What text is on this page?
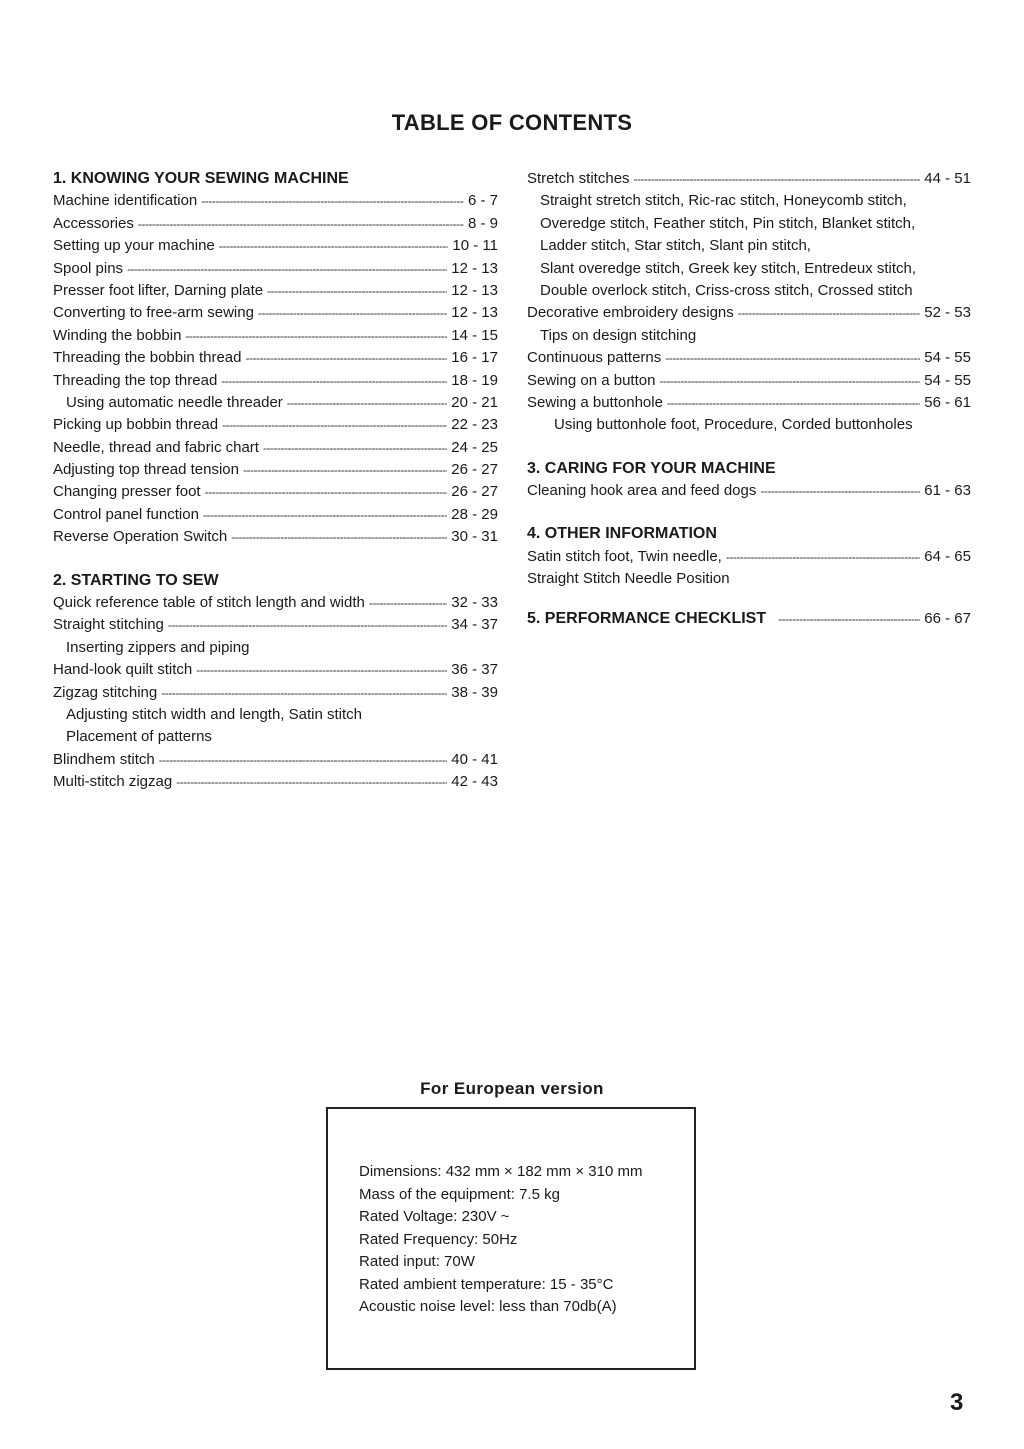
TABLE OF CONTENTS
1. KNOWING YOUR SEWING MACHINE
Machine identification -----	6 - 7
Accessories -----	8 - 9
Setting up your machine -----	10 - 11
Spool pins -----	12 - 13
Presser foot lifter, Darning plate -----	12 - 13
Converting to free-arm sewing -----	12 - 13
Winding the bobbin -----	14 - 15
Threading the bobbin thread -----	16 - 17
Threading the top thread -----	18 - 19
Using automatic needle threader -----	20 - 21
Picking up bobbin thread -----	22 - 23
Needle, thread and fabric chart -----	24 - 25
Adjusting top thread tension -----	26 - 27
Changing presser foot -----	26 - 27
Control panel function -----	28 - 29
Reverse Operation Switch -----	30 - 31
2. STARTING TO SEW
Quick reference table of stitch length and width -----	32 - 33
Straight stitching -----	34 - 37
Inserting zippers and piping
Hand-look quilt stitch -----	36 - 37
Zigzag stitching -----	38 - 39
Adjusting stitch width and length, Satin stitch
Placement of patterns
Blindhem stitch -----	40 - 41
Multi-stitch zigzag -----	42 - 43
Stretch stitches -----	44 - 51
Straight stretch stitch, Ric-rac stitch, Honeycomb stitch,
Overedge stitch, Feather stitch, Pin stitch, Blanket stitch,
Ladder stitch, Star stitch, Slant pin stitch,
Slant overedge stitch, Greek key stitch, Entredeux stitch,
Double overlock stitch, Criss-cross stitch, Crossed stitch
Decorative embroidery designs -----	52 - 53
Tips on design stitching
Continuous patterns -----	54 - 55
Sewing on a button -----	54 - 55
Sewing a buttonhole -----	56 - 61
Using buttonhole foot, Procedure, Corded buttonholes
3. CARING FOR YOUR MACHINE
Cleaning hook area and feed dogs -----	61 - 63
4. OTHER INFORMATION
Satin stitch foot, Twin needle, -----	64 - 65
Straight Stitch Needle Position
5. PERFORMANCE CHECKLIST -----	66 - 67
For European version
Dimensions: 432 mm × 182 mm × 310 mm
Mass of the equipment: 7.5 kg
Rated Voltage: 230V ~
Rated Frequency: 50Hz
Rated input: 70W
Rated ambient temperature: 15 - 35°C
Acoustic noise level: less than 70db(A)
3
